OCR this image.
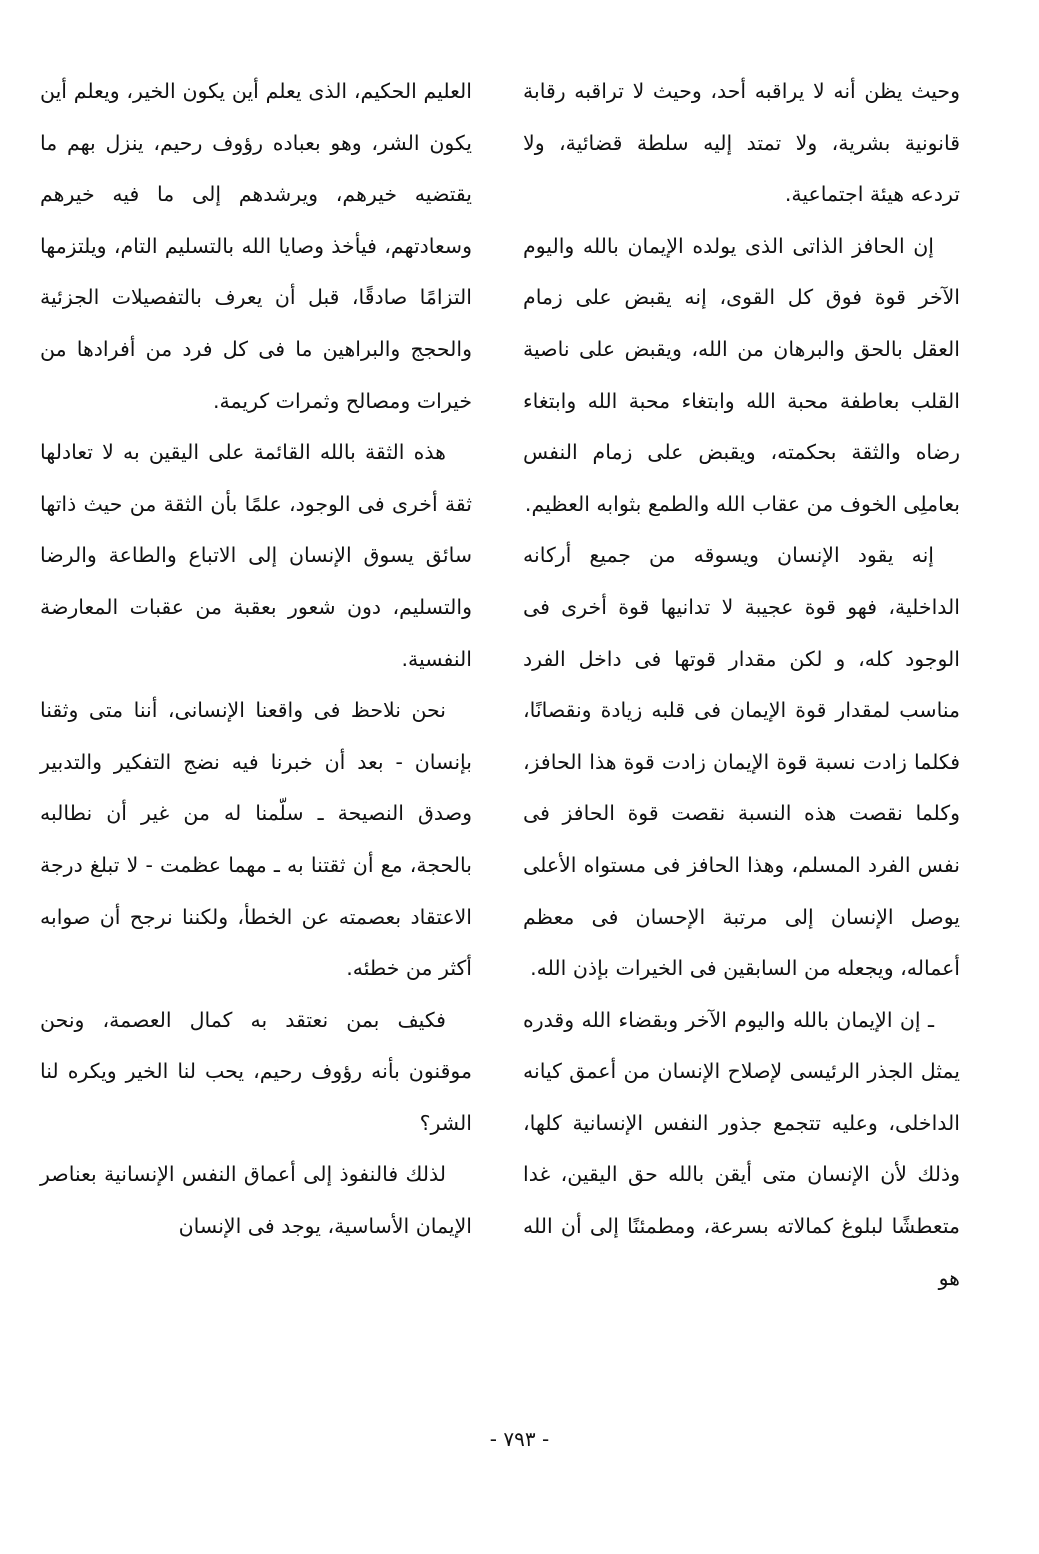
وحيث يظن أنه لا يراقبه أحد، وحيث لا تراقبه رقابة قانونية بشرية، ولا تمتد إليه سلطة قضائية، ولا تردعه هيئة اجتماعية.

إن الحافز الذاتى الذى يولده الإيمان بالله واليوم الآخر قوة فوق كل القوى، إنه يقبض على زمام العقل بالحق والبرهان من الله، ويقبض على ناصية القلب بعاطفة محبة الله وابتغاء محبة الله وابتغاء رضاه والثقة بحكمته، ويقبض على زمام النفس بعاملِى الخوف من عقاب الله والطمع بثوابه العظيم.

إنه يقود الإنسان ويسوقه من جميع أركانه الداخلية، فهو قوة عجيبة لا تدانيها قوة أخرى فى الوجود كله، و لكن مقدار قوتها فى داخل الفرد مناسب لمقدار قوة الإيمان فى قلبه زيادة ونقصانًا، فكلما زادت نسبة قوة الإيمان زادت قوة هذا الحافز، وكلما نقصت هذه النسبة نقصت قوة الحافز فى نفس الفرد المسلم، وهذا الحافز فى مستواه الأعلى يوصل الإنسان إلى مرتبة الإحسان فى معظم أعماله، ويجعله من السابقين فى الخيرات بإذن الله.

ـ إن الإيمان بالله واليوم الآخر وبقضاء الله وقدره يمثل الجذر الرئيسى لإصلاح الإنسان من أعمق كيانه الداخلى، وعليه تتجمع جذور النفس الإنسانية كلها، وذلك لأن الإنسان متى أيقن بالله حق اليقين، غدا متعطشًا لبلوغ كمالاته بسرعة، ومطمئنًا إلى أن الله هو

العليم الحكيم، الذى يعلم أين يكون الخير، ويعلم أين يكون الشر، وهو بعباده رؤوف رحيم، ينزل بهم ما يقتضيه خيرهم، ويرشدهم إلى ما فيه خيرهم وسعادتهم، فيأخذ وصايا الله بالتسليم التام، ويلتزمها التزامًا صادقًا، قبل أن يعرف بالتفصيلات الجزئية والحجج والبراهين ما فى كل فرد من أفرادها من خيرات ومصالح وثمرات كريمة.

هذه الثقة بالله القائمة على اليقين به لا تعادلها ثقة أخرى فى الوجود، علمًا بأن الثقة من حيث ذاتها سائق يسوق الإنسان إلى الاتباع والطاعة والرضا والتسليم، دون شعور بعقبة من عقبات المعارضة النفسية.

نحن نلاحظ فى واقعنا الإنسانى، أننا متى وثقنا بإنسان - بعد أن خبرنا فيه نضج التفكير والتدبير وصدق النصيحة ـ سلّمنا له من غير أن نطالبه بالحجة، مع أن ثقتنا به ـ مهما عظمت - لا تبلغ درجة الاعتقاد بعصمته عن الخطأ، ولكننا نرجح أن صوابه أكثر من خطئه.

فكيف بمن نعتقد به كمال العصمة، ونحن موقنون بأنه رؤوف رحيم، يحب لنا الخير ويكره لنا الشر؟

لذلك فالنفوذ إلى أعماق النفس الإنسانية بعناصر الإيمان الأساسية، يوجد فى الإنسان

- ٧٩٣ -
